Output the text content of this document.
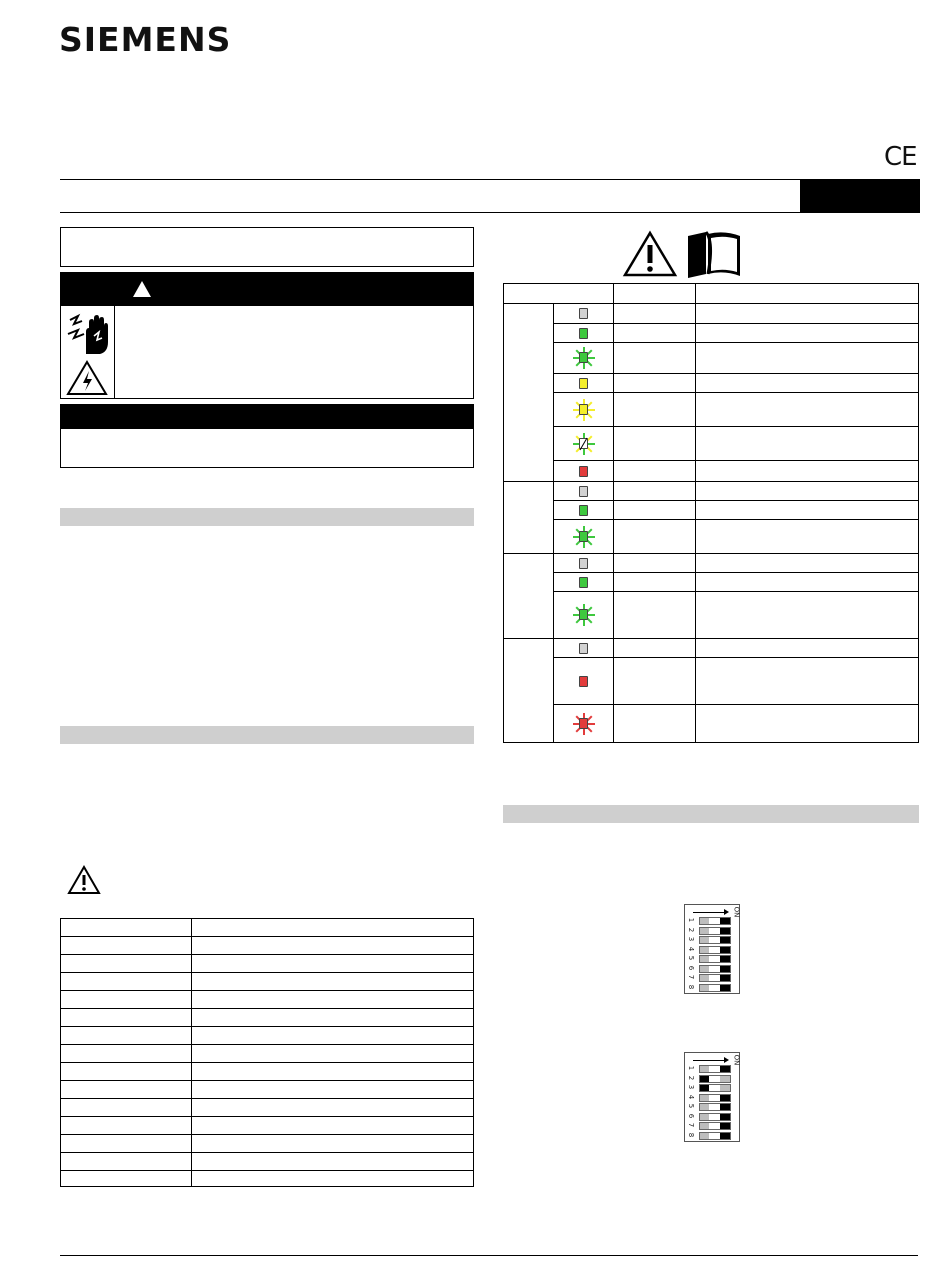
SIEMENS
CE

ON
1
2
3
4
5
6
7
8
ON
1
2
3
4
5
6
7
8
